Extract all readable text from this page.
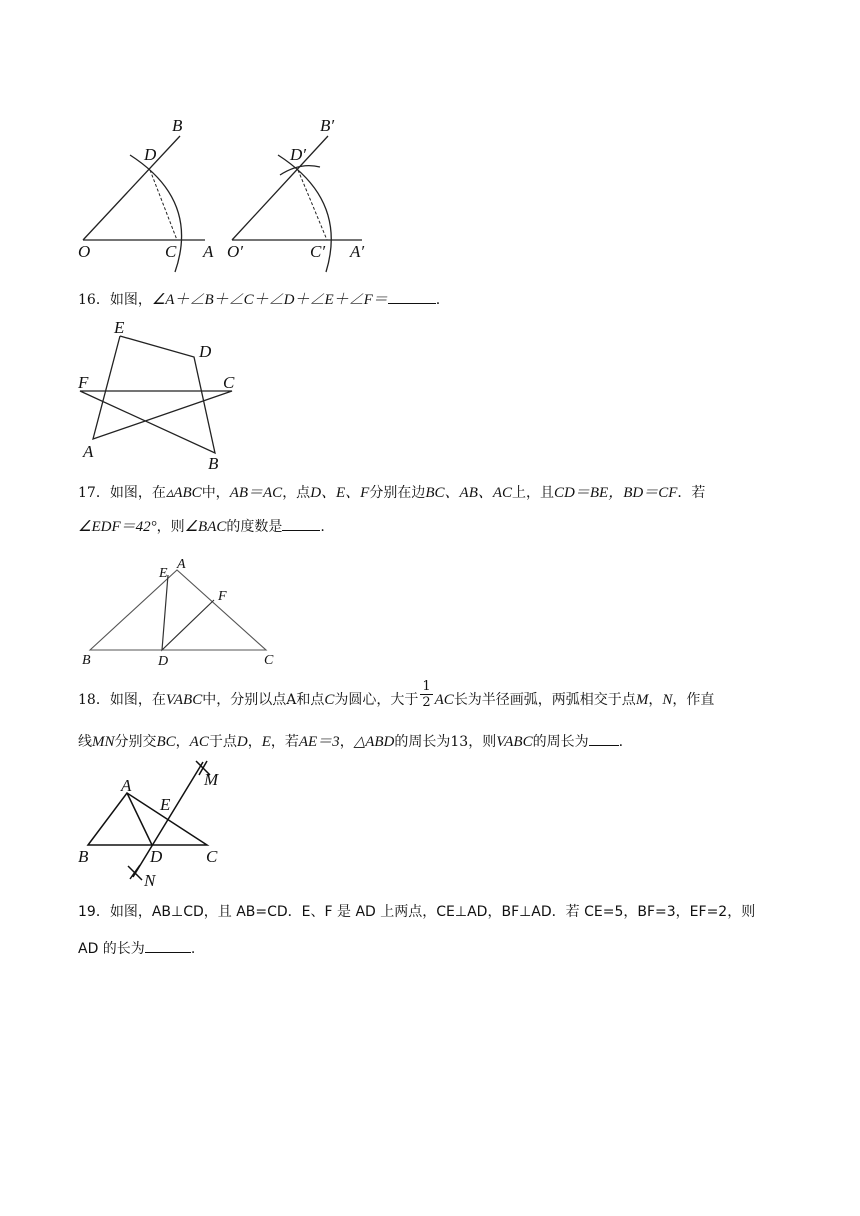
B
D
O	C A
B′
D′
O′	C′ A′
16．如图，∠A＋∠B＋∠C＋∠D＋∠E＋∠F＝	.
E
D
F	C
A
B
17．如图，在▵ABC中，AB＝AC，点D、E、F分别在边BC、AB、AC上，且CD＝BE，BD＝CF．若
∠EDF＝42°，则∠BAC的度数是	.
E
A
F
B	D	C
18．如图，在VABC中，分别以点A和点C为圆心，大于 $\frac{1}{2}$ AC长为半径画弧，两弧相交于点M，N，作直
线MN分别交BC，AC于点D，E，若AE＝3，△ABD的周长为13，则VABC的周长为 .
A
E
M
B	D	C
N
19．如图，AB⊥CD，且 AB=CD．E、F 是 AD 上两点，CE⊥AD，BF⊥AD．若 CE=5，BF=3，EF=2，则
AD 的长为	.
